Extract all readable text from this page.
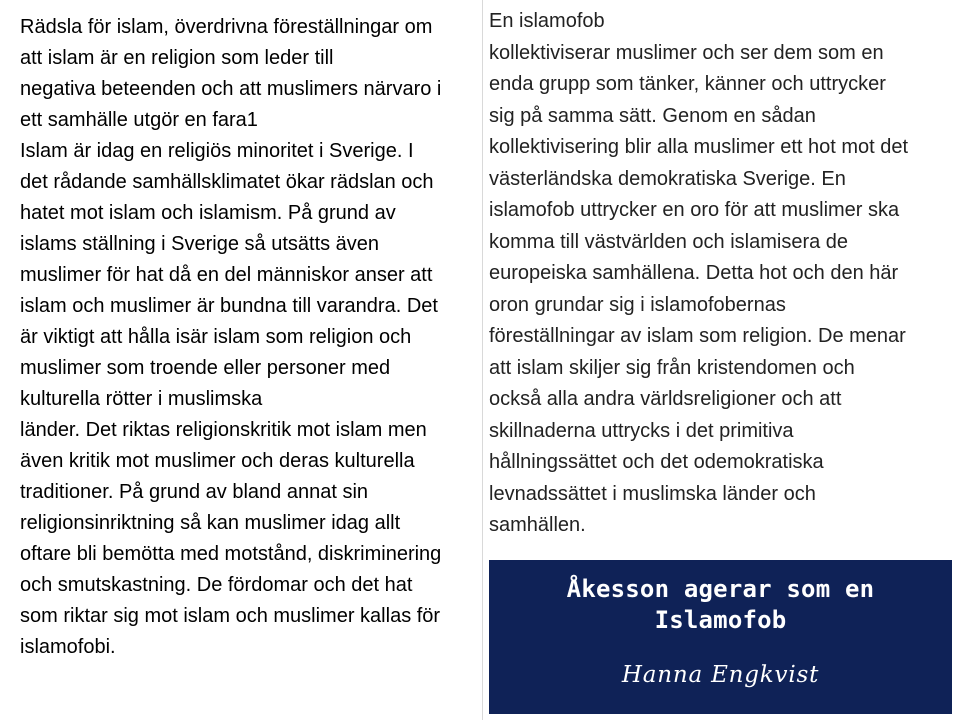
Rädsla för islam, överdrivna föreställningar om

att islam är en religion som leder till

negativa beteenden och att muslimers närvaro i

ett samhälle utgör en fara1

Islam är idag en religiös minoritet i Sverige. I

det rådande samhällsklimatet ökar rädslan och

hatet mot islam och islamism. På grund av

islams ställning i Sverige så utsätts även

muslimer för hat då en del människor anser att

islam och muslimer är bundna till varandra. Det

är viktigt att hålla isär islam som religion och

muslimer som troende eller personer med

kulturella rötter i muslimska

länder. Det riktas religionskritik mot islam men

även kritik mot muslimer och deras kulturella

traditioner. På grund av bland annat sin

religionsinriktning så kan muslimer idag allt

oftare bli bemötta med motstånd, diskriminering

och smutskastning. De fördomar och det hat

som riktar sig mot islam och muslimer kallas för

islamofobi.

En islamofob

kollektiviserar muslimer och ser dem som en

enda grupp som tänker, känner och uttrycker

sig på samma sätt. Genom en sådan

kollektivisering blir alla muslimer ett hot mot det

västerländska demokratiska Sverige. En

islamofob uttrycker en oro för att muslimer ska

komma till västvärlden och islamisera de

europeiska samhällena. Detta hot och den här

oron grundar sig i islamofobernas

föreställningar av islam som religion. De menar

att islam skiljer sig från kristendomen och

också alla andra världsreligioner och att

skillnaderna uttrycks i det primitiva

hållningssättet och det odemokratiska

levnadssättet i muslimska länder och

samhällen.

Åkesson agerar som en
Islamofob
Hanna Engkvist
